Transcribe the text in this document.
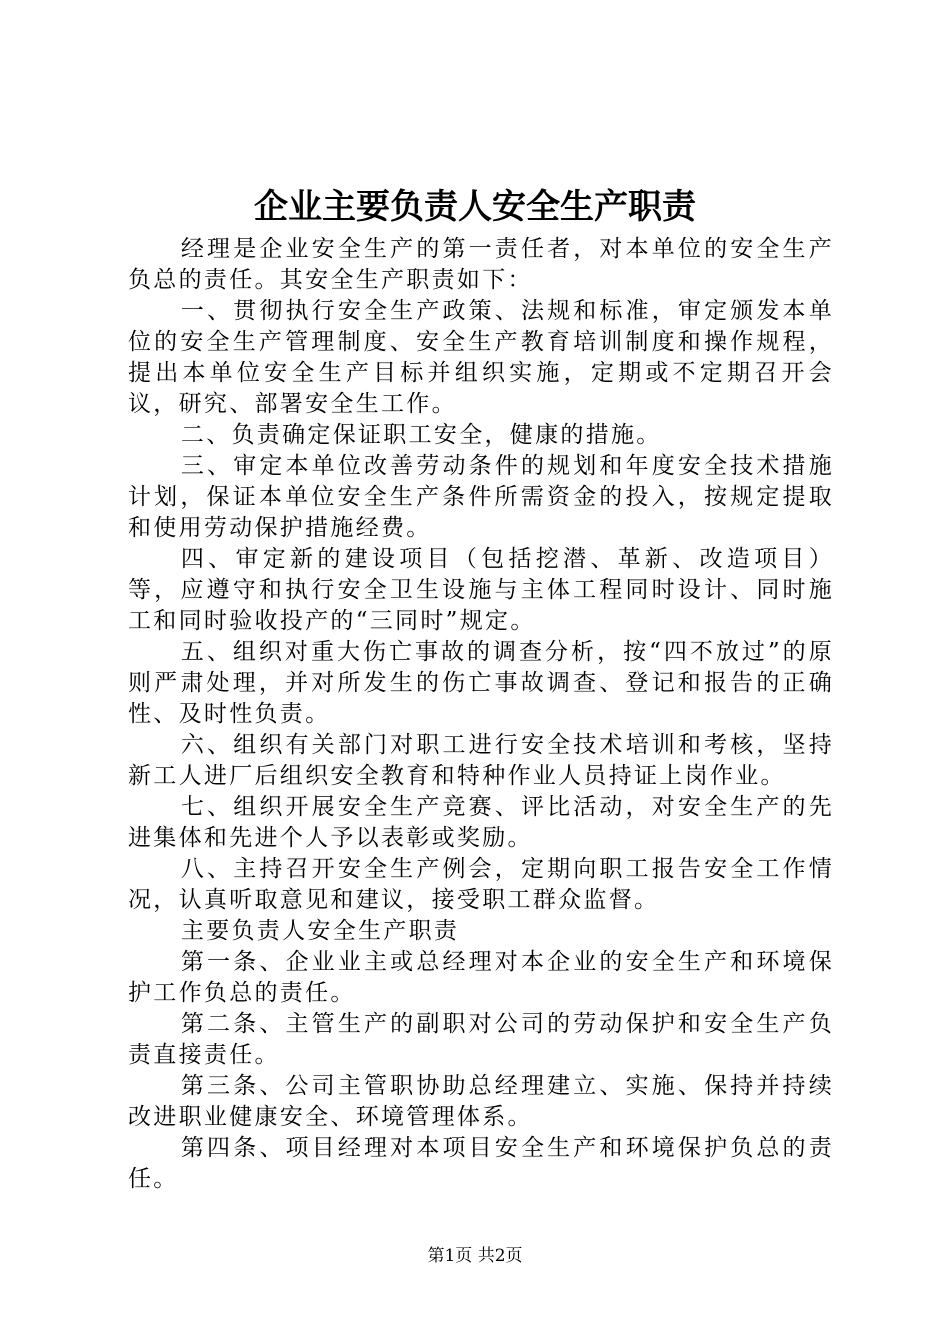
企业主要负责人安全生产职责

经理是企业安全生产的第一责任者，对本单位的安全生产负总的责任。其安全生产职责如下：

一、贯彻执行安全生产政策、法规和标准，审定颁发本单位的安全生产管理制度、安全生产教育培训制度和操作规程，提出本单位安全生产目标并组织实施，定期或不定期召开会议，研究、部署安全生工作。

二、负责确定保证职工安全，健康的措施。

三、审定本单位改善劳动条件的规划和年度安全技术措施计划，保证本单位安全生产条件所需资金的投入，按规定提取和使用劳动保护措施经费。

四、审定新的建设项目（包括挖潜、革新、改造项目）等，应遵守和执行安全卫生设施与主体工程同时设计、同时施工和同时验收投产的“三同时”规定。

五、组织对重大伤亡事故的调查分析，按“四不放过”的原则严肃处理，并对所发生的伤亡事故调查、登记和报告的正确性、及时性负责。

六、组织有关部门对职工进行安全技术培训和考核，坚持新工人进厂后组织安全教育和特种作业人员持证上岗作业。

七、组织开展安全生产竞赛、评比活动，对安全生产的先进集体和先进个人予以表彰或奖励。

八、主持召开安全生产例会，定期向职工报告安全工作情况，认真听取意见和建议，接受职工群众监督。

主要负责人安全生产职责

第一条、企业业主或总经理对本企业的安全生产和环境保护工作负总的责任。

第二条、主管生产的副职对公司的劳动保护和安全生产负责直接责任。

第三条、公司主管职协助总经理建立、实施、保持并持续改进职业健康安全、环境管理体系。

第四条、项目经理对本项目安全生产和环境保护负总的责任。

第1页 共2页
